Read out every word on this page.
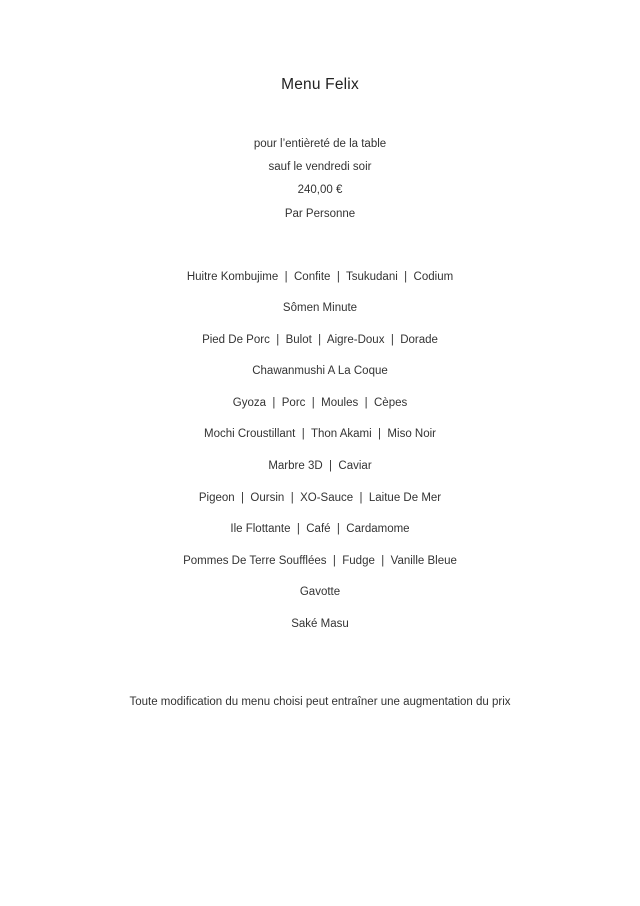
Menu Felix
pour l’entièreté de la table
sauf le vendredi soir
240,00 €
Par Personne
Huitre Kombujime  |  Confite  |  Tsukudani  |  Codium
Sômen Minute
Pied De Porc  |  Bulot  |  Aigre-Doux  |  Dorade
Chawanmushi A La Coque
Gyoza  |  Porc  |  Moules  |  Cèpes
Mochi Croustillant  |  Thon Akami  |  Miso Noir
Marbre 3D  |  Caviar
Pigeon  |  Oursin  |  XO-Sauce  |  Laitue De Mer
Ile Flottante  |  Café  |  Cardamome
Pommes De Terre Soufflées  |  Fudge  |  Vanille Bleue
Gavotte
Saké Masu
Toute modification du menu choisi peut entraîner une augmentation du prix
